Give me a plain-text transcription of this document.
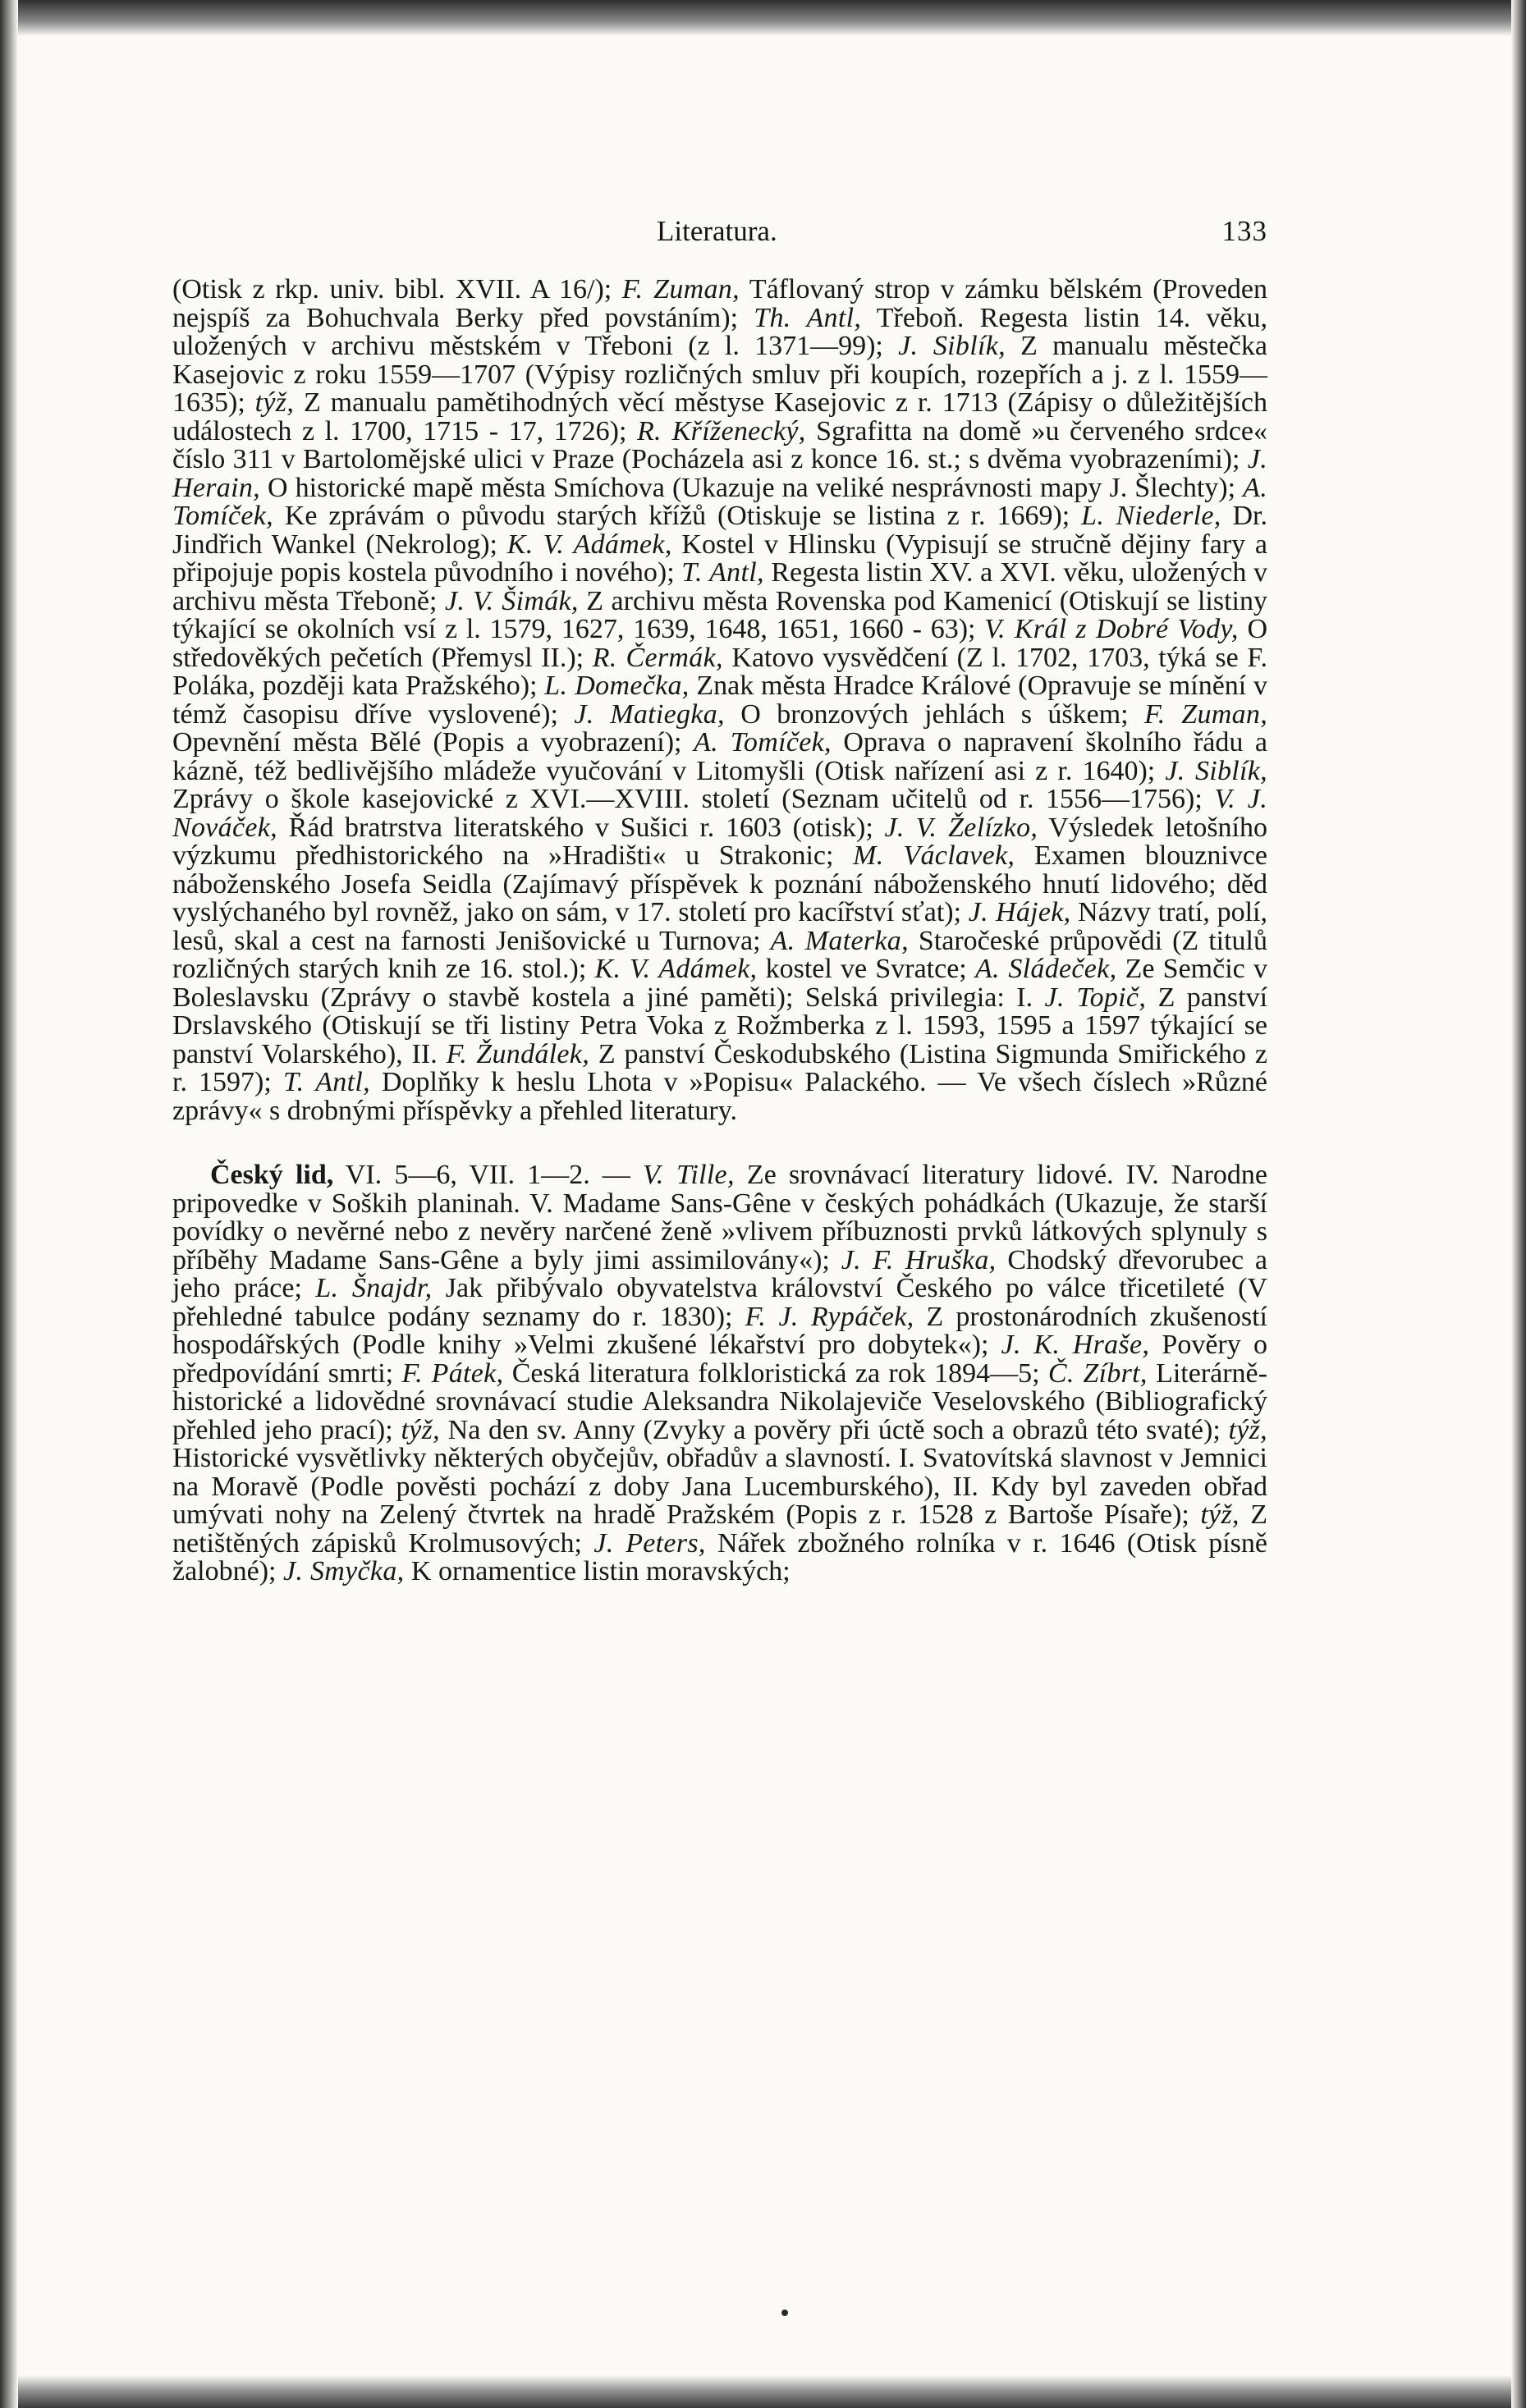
Literatura.	133

(Otisk z rkp. univ. bibl. XVII. A 16/); F. Zuman, Táflovaný strop v zámku bělském (Proveden nejspíš za Bohuchvala Berky před povstáním); Th. Antl, Třeboň. Regesta listin 14. věku, uložených v archivu městském v Třeboni (z l. 1371—99); J. Siblík, Z manualu městečka Kasejovic z roku 1559—1707 (Výpisy rozličných smluv při koupích, rozepřích a j. z l. 1559—1635); týž, Z manualu pamětihodných věcí městyse Kasejovic z r. 1713 (Zápisy o důležitějších událostech z l. 1700, 1715 - 17, 1726); R. Kříženecký, Sgrafitta na domě »u červeného srdce« číslo 311 v Bartolomějské ulici v Praze (Pocházela asi z konce 16. st.; s dvěma vyobrazeními); J. Herain, O historické mapě města Smíchova (Ukazuje na veliké nesprávnosti mapy J. Šlechty); A. Tomíček, Ke zprávám o původu starých křížů (Otiskuje se listina z r. 1669); L. Niederle, Dr. Jindřich Wankel (Nekrolog); K. V. Adámek, Kostel v Hlinsku (Vypisují se stručně dějiny fary a připojuje popis kostela původního i nového); T. Antl, Regesta listin XV. a XVI. věku, uložených v archivu města Třeboně; J. V. Šimák, Z archivu města Rovenska pod Kamenicí (Otiskují se listiny týkající se okolních vsí z l. 1579, 1627, 1639, 1648, 1651, 1660 - 63); V. Král z Dobré Vody, O středověkých pečetích (Přemysl II.); R. Čermák, Katovo vysvědčení (Z l. 1702, 1703, týká se F. Poláka, později kata Pražského); L. Domečka, Znak města Hradce Králové (Opravuje se mínění v témž časopisu dříve vyslovené); J. Matiegka, O bronzových jehlách s úškem; F. Zuman, Opevnění města Bělé (Popis a vyobrazení); A. Tomíček, Oprava o napravení školního řádu a kázně, též bedlivějšího mládeže vyučování v Litomyšli (Otisk nařízení asi z r. 1640); J. Siblík, Zprávy o škole kasejovické z XVI.—XVIII. století (Seznam učitelů od r. 1556—1756); V. J. Nováček, Řád bratrstva literatského v Sušici r. 1603 (otisk); J. V. Želízko, Výsledek letošního výzkumu předhistorického na »Hradišti« u Strakonic; M. Václavek, Examen blouznivce náboženského Josefa Seidla (Zajímavý příspěvek k poznání náboženského hnutí lidového; děd vyslýchaného byl rovněž, jako on sám, v 17. století pro kacířství sťat); J. Hájek, Názvy tratí, polí, lesů, skal a cest na farnosti Jenišovické u Turnova; A. Materka, Staročeské průpovědi (Z titulů rozličných starých knih ze 16. stol.); K. V. Adámek, kostel ve Svratce; A. Sládeček, Ze Semčic v Boleslavsku (Zprávy o stavbě kostela a jiné paměti); Selská privilegia: I. J. Topič, Z panství Drslavského (Otiskují se tři listiny Petra Voka z Rožmberka z l. 1593, 1595 a 1597 týkající se panství Volarského), II. F. Žundálek, Z panství Českodubského (Listina Sigmunda Smiřického z r. 1597); T. Antl, Doplňky k heslu Lhota v »Popisu« Palackého. — Ve všech číslech »Různé zprávy« s drobnými příspěvky a přehled literatury.

Český lid, VI. 5—6, VII. 1—2. — V. Tille, Ze srovnávací literatury lidové. IV. Narodne pripovedke v Soških planinah. V. Madame Sans-Gêne v českých pohádkách (Ukazuje, že starší povídky o nevěrné nebo z nevěry narčené ženě »vlivem příbuznosti prvků látkových splynuly s příběhy Madame Sans-Gêne a byly jimi assimilovány«); J. F. Hruška, Chodský dřevorubec a jeho práce; L. Šnajdr, Jak přibývalo obyvatelstva království Českého po válce třicetileté (V přehledné tabulce podány seznamy do r. 1830); F. J. Rypáček, Z prostonárodních zkušeností hospodářských (Podle knihy »Velmi zkušené lékařství pro dobytek«); J. K. Hraše, Pověry o předpovídání smrti; F. Pátek, Česká literatura folkloristická za rok 1894—5; Č. Zíbrt, Literárně-historické a lidovědné srovnávací studie Aleksandra Nikolajeviče Veselovského (Bibliografický přehled jeho prací); týž, Na den sv. Anny (Zvyky a pověry při úctě soch a obrazů této svaté); týž, Historické vysvětlivky některých obyčejův, obřadův a slavností. I. Svatovítská slavnost v Jemnici na Moravě (Podle pověsti pochází z doby Jana Lucemburského), II. Kdy byl zaveden obřad umývati nohy na Zelený čtvrtek na hradě Pražském (Popis z r. 1528 z Bartoše Písaře); týž, Z netištěných zápisků Krolmusových; J. Peters, Nářek zbožného rolníka v r. 1646 (Otisk písně žalobné); J. Smyčka, K ornamentice listin moravských;
